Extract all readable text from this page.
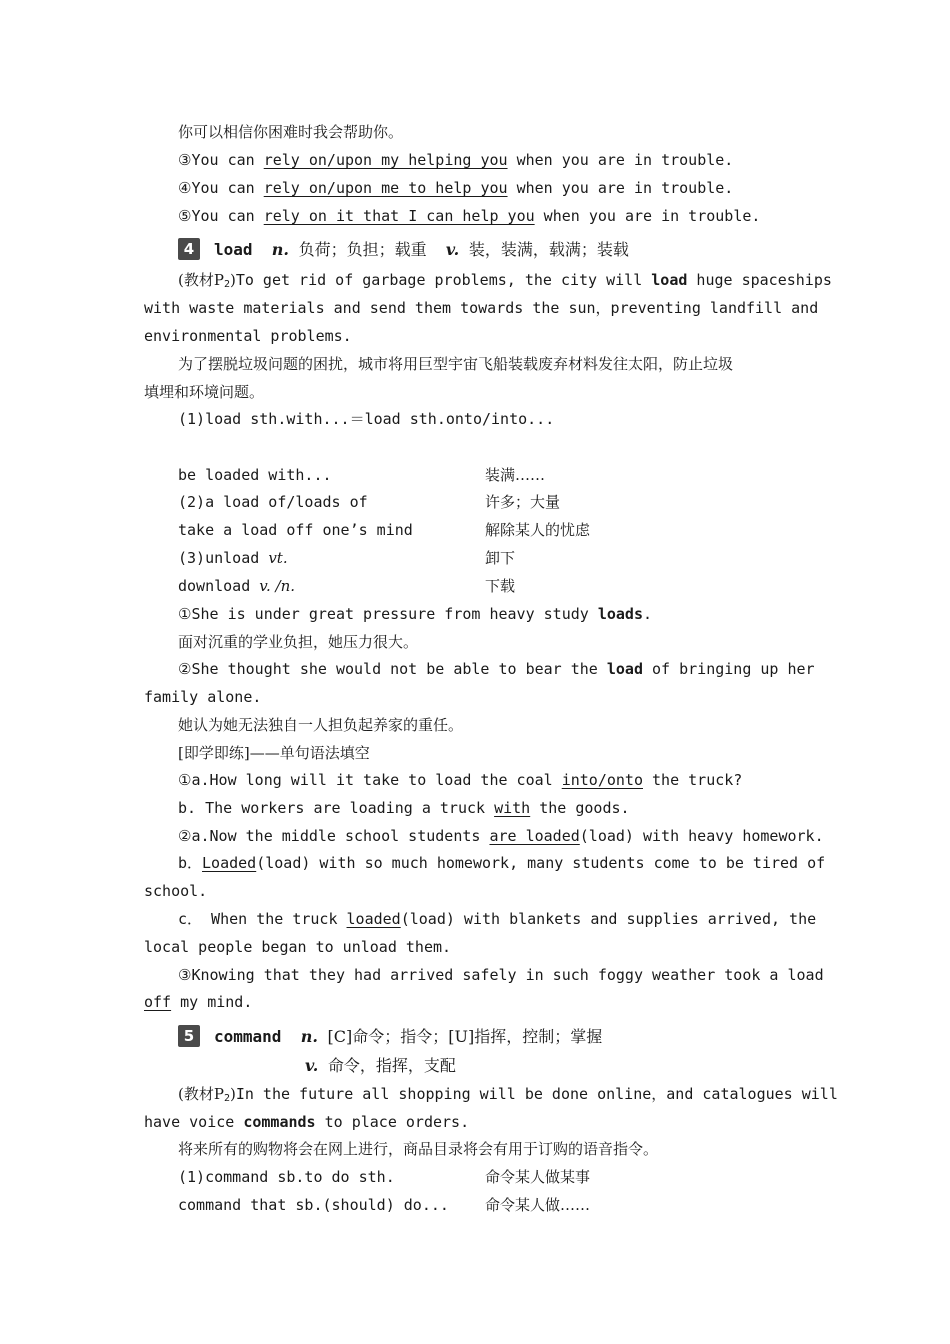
你可以相信你困难时我会帮助你。
③You can rely on/upon my helping you when you are in trouble.
④You can rely on/upon me to help you when you are in trouble.
⑤You can rely on it that I can help you when you are in trouble.
4 load n. 负荷；负担；载重 v. 装，装满，载满；装载
(教材$P_2)To$ get rid of garbage problems, the city will load huge spaceships
with waste materials and send them towards the sun，preventing landfill and
environmental problems.
为了摆脱垃圾问题的困扰，城市将用巨型宇宙飞船装载废弃材料发往太阳，防止垃圾
填埋和环境问题。
(1)load sth.with...＝load sth.onto/into...
be loaded with...	装满……
(2)a load of/loads of	许多；大量
take a load off one’s mind	解除某人的忧虑
(3)unload vt.	卸下
download v. /n.	下载
①She is under great pressure from heavy study loads.
面对沉重的学业负担，她压力很大。
②She thought she would not be able to bear the load of bringing up her
family alone.
她认为她无法独自一人担负起养家的重任。
[即学即练]——单句语法填空
①a.How long will it take to load the coal into/onto the truck?
b. The workers are loading a truck with the goods.
②a.Now the middle school students are loaded(load) with heavy homework.
b．Loaded(load) with so much homework, many students come to be tired of
school.
c． When the truck loaded(load) with blankets and supplies arrived, the
local people began to unload them.
③Knowing that they had arrived safely in such foggy weather took a load
off my mind.
5 command n. [C]命令；指令；[U]指挥，控制；掌握
v. 命令，指挥，支配
(教材$P_2)In$ the future all shopping will be done online，and catalogues will
have voice commands to place orders.
将来所有的购物将会在网上进行，商品目录将会有用于订购的语音指令。
(1)command sb.to do sth.	命令某人做某事
command that sb.(should) do... 命令某人做……
